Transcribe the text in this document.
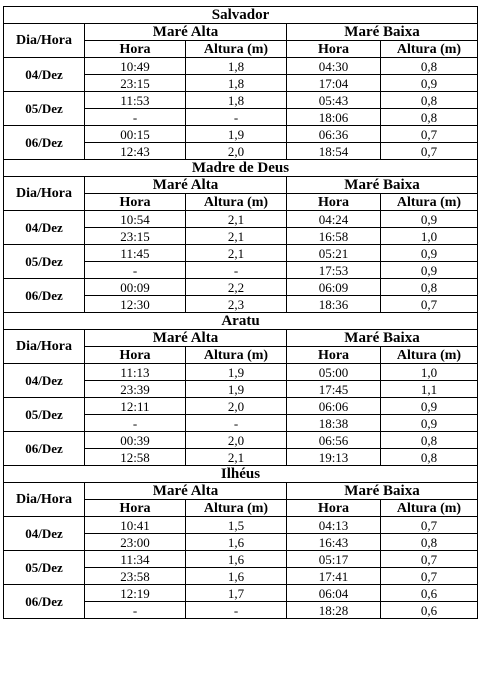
Salvador				
Dia/Hora	Maré Alta		Maré Baixa	
	Hora	Altura (m)	Hora	Altura (m)
04/Dez	10:49	1,8	04:30	0,8
	23:15	1,8	17:04	0,9
05/Dez	11:53	1,8	05:43	0,8
	-	-	18:06	0,8
06/Dez	00:15	1,9	06:36	0,7
	12:43	2,0	18:54	0,7
Madre de Deus				
Dia/Hora	Maré Alta		Maré Baixa	
	Hora	Altura (m)	Hora	Altura (m)
04/Dez	10:54	2,1	04:24	0,9
	23:15	2,1	16:58	1,0
05/Dez	11:45	2,1	05:21	0,9
	-	-	17:53	0,9
06/Dez	00:09	2,2	06:09	0,8
	12:30	2,3	18:36	0,7
Aratu				
Dia/Hora	Maré Alta		Maré Baixa	
	Hora	Altura (m)	Hora	Altura (m)
04/Dez	11:13	1,9	05:00	1,0
	23:39	1,9	17:45	1,1
05/Dez	12:11	2,0	06:06	0,9
	-	-	18:38	0,9
06/Dez	00:39	2,0	06:56	0,8
	12:58	2,1	19:13	0,8
Ilhéus				
Dia/Hora	Maré Alta		Maré Baixa	
	Hora	Altura (m)	Hora	Altura (m)
04/Dez	10:41	1,5	04:13	0,7
	23:00	1,6	16:43	0,8
05/Dez	11:34	1,6	05:17	0,7
	23:58	1,6	17:41	0,7
06/Dez	12:19	1,7	06:04	0,6
	-	-	18:28	0,6
